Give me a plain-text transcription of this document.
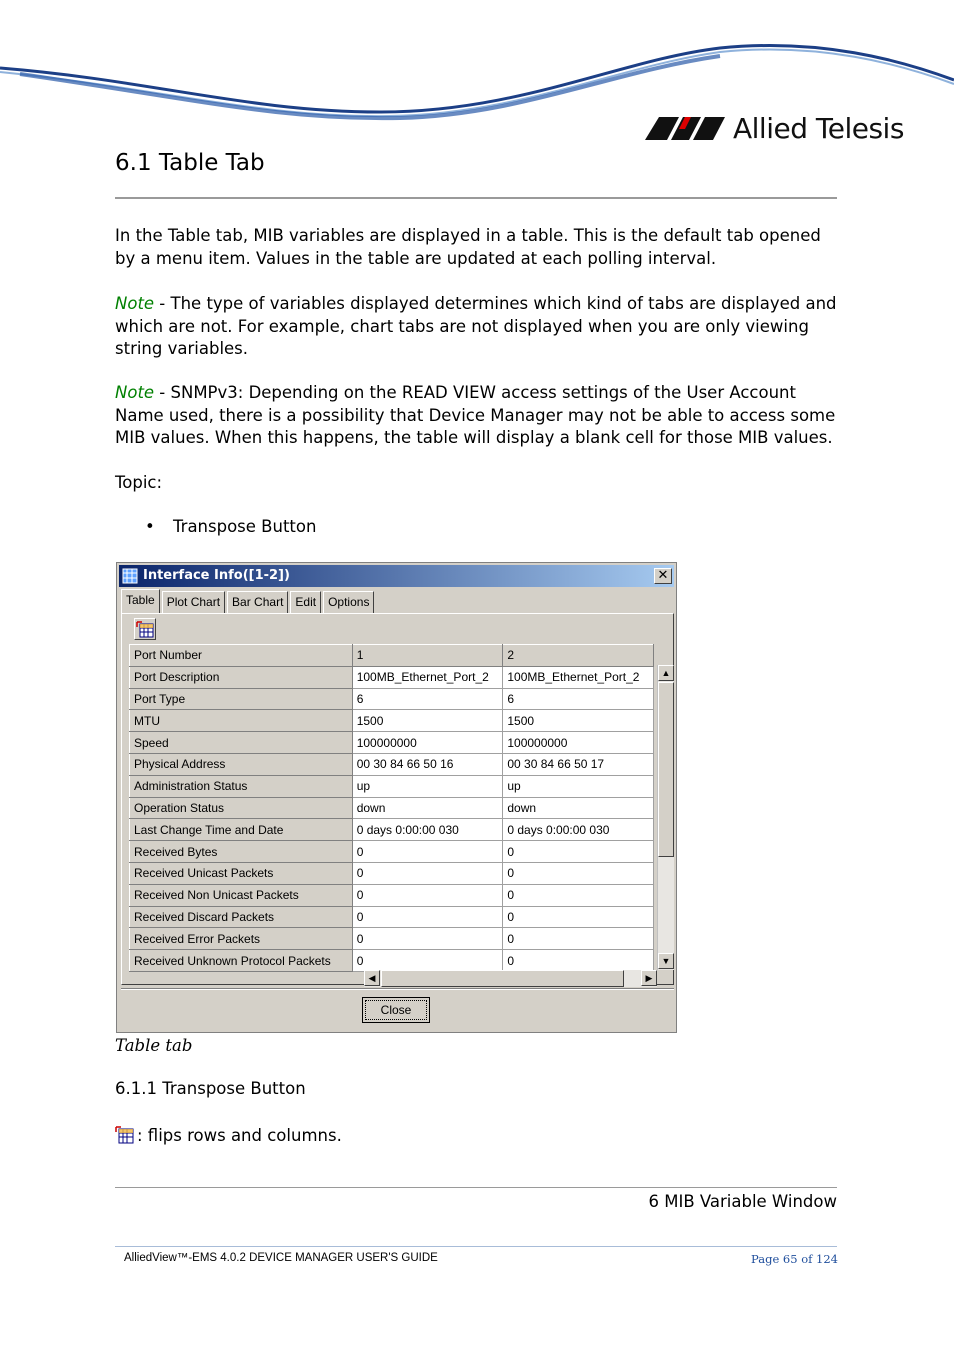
Allied Telesis
6.1 Table Tab
In the Table tab, MIB variables are displayed in a table. This is the default tab opened by a menu item. Values in the table are updated at each polling interval.
Note - The type of variables displayed determines which kind of tabs are displayed and which are not. For example, chart tabs are not displayed when you are only viewing string variables.
Note - SNMPv3: Depending on the READ VIEW access settings of the User Account Name used, there is a possibility that Device Manager may not be able to access some MIB values. When this happens, the table will display a blank cell for those MIB values.
Topic:
• Transpose Button
Interface Info([1-2])	✕
Table	Plot Chart	Bar Chart	Edit	Options
Port Number	1	2
Port Description	100MB_Ethernet_Port_2	100MB_Ethernet_Port_2
Port Type	6	6
MTU	1500	1500
Speed	100000000	100000000
Physical Address	00 30 84 66 50 16	00 30 84 66 50 17
Administration Status	up	up
Operation Status	down	down
Last Change Time and Date	0 days 0:00:00 030	0 days 0:00:00 030
Received Bytes	0	0
Received Unicast Packets	0	0
Received Non Unicast Packets	0	0
Received Discard Packets	0	0
Received Error Packets	0	0
Received Unknown Protocol Packets	0	0
▲
▼
◀	▶
Close
Table tab
6.1.1 Transpose Button
: flips rows and columns.
6 MIB Variable Window
AlliedView™-EMS 4.0.2 DEVICE MANAGER USER'S GUIDE	Page 65 of 124
